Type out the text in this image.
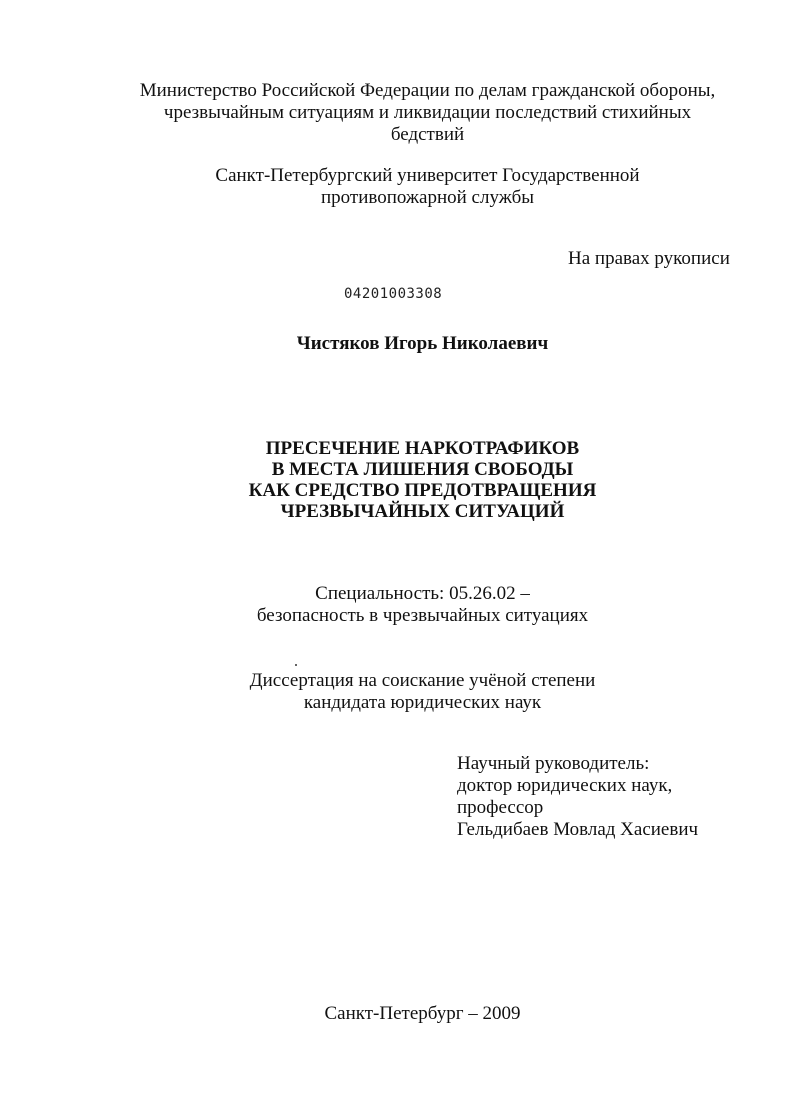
Министерство Российской Федерации по делам гражданской обороны,
чрезвычайным ситуациям и ликвидации последствий стихийных
бедствий
Санкт-Петербургский университет Государственной
противопожарной службы
На правах рукописи
04201003308
Чистяков Игорь Николаевич
ПРЕСЕЧЕНИЕ НАРКОТРАФИКОВ
В МЕСТА ЛИШЕНИЯ СВОБОДЫ
КАК СРЕДСТВО ПРЕДОТВРАЩЕНИЯ
ЧРЕЗВЫЧАЙНЫХ СИТУАЦИЙ
Специальность: 05.26.02 –
безопасность в чрезвычайных ситуациях
Диссертация на соискание учёной степени
кандидата юридических наук
Научный руководитель:
доктор юридических наук,
профессор
Гельдибаев Мовлад Хасиевич
Санкт-Петербург – 2009
